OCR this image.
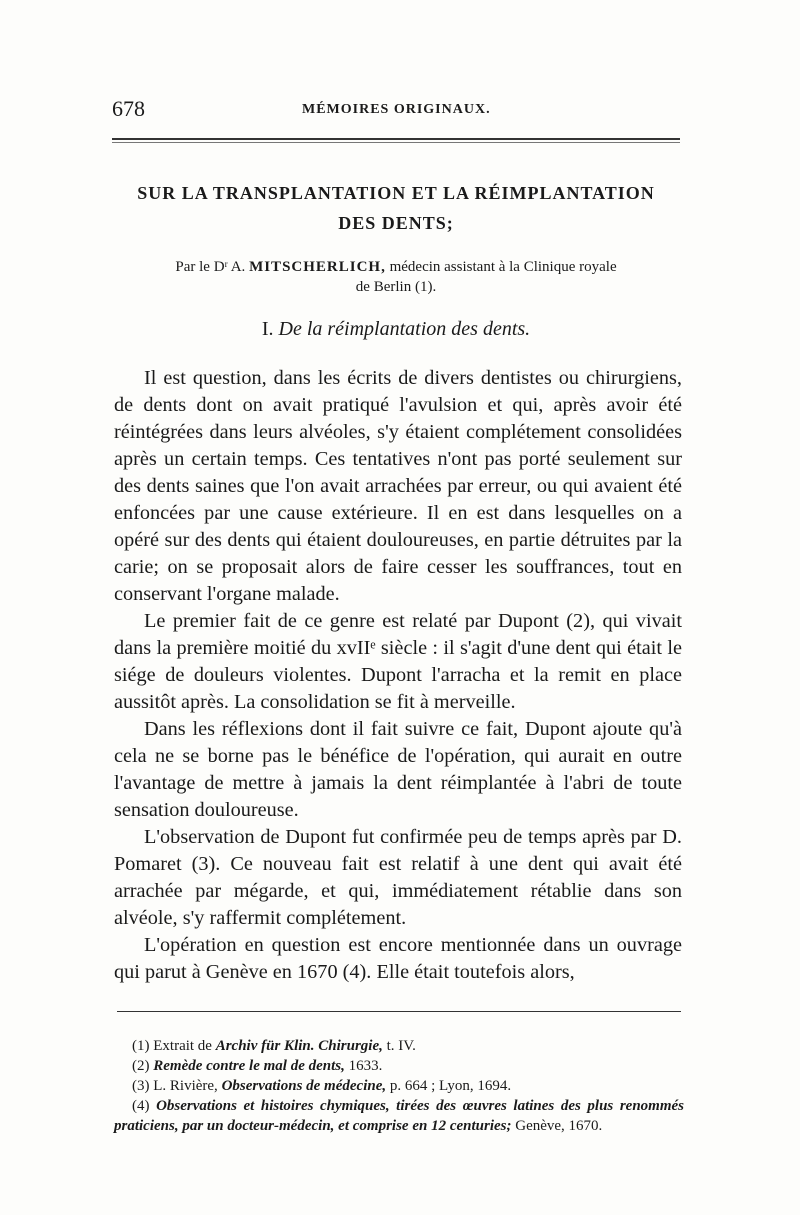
678	MÉMOIRES ORIGINAUX.
SUR LA TRANSPLANTATION ET LA RÉIMPLANTATION
DES DENTS;
Par le Dʳ A. MITSCHERLICH, médecin assistant à la Clinique royale
de Berlin (1).
I. De la réimplantation des dents.

Il est question, dans les écrits de divers dentistes ou chirurgiens, de dents dont on avait pratiqué l'avulsion et qui, après avoir été réintégrées dans leurs alvéoles, s'y étaient complétement consolidées après un certain temps. Ces tentatives n'ont pas porté seulement sur des dents saines que l'on avait arrachées par erreur, ou qui avaient été enfoncées par une cause extérieure. Il en est dans lesquelles on a opéré sur des dents qui étaient douloureuses, en partie détruites par la carie; on se proposait alors de faire cesser les souffrances, tout en conservant l'organe malade.

Le premier fait de ce genre est relaté par Dupont (2), qui vivait dans la première moitié du xvIIᵉ siècle : il s'agit d'une dent qui était le siége de douleurs violentes. Dupont l'arracha et la remit en place aussitôt après. La consolidation se fit à merveille.

Dans les réflexions dont il fait suivre ce fait, Dupont ajoute qu'à cela ne se borne pas le bénéfice de l'opération, qui aurait en outre l'avantage de mettre à jamais la dent réimplantée à l'abri de toute sensation douloureuse.

L'observation de Dupont fut confirmée peu de temps après par D. Pomaret (3). Ce nouveau fait est relatif à une dent qui avait été arrachée par mégarde, et qui, immédiatement rétablie dans son alvéole, s'y raffermit complétement.

L'opération en question est encore mentionnée dans un ouvrage qui parut à Genève en 1670 (4). Elle était toutefois alors,

(1) Extrait de Archiv für Klin. Chirurgie, t. IV.

(2) Remède contre le mal de dents, 1633.

(3) L. Rivière, Observations de médecine, p. 664 ; Lyon, 1694.

(4) Observations et histoires chymiques, tirées des œuvres latines des plus renommés praticiens, par un docteur-médecin, et comprise en 12 centuries; Genève, 1670.
